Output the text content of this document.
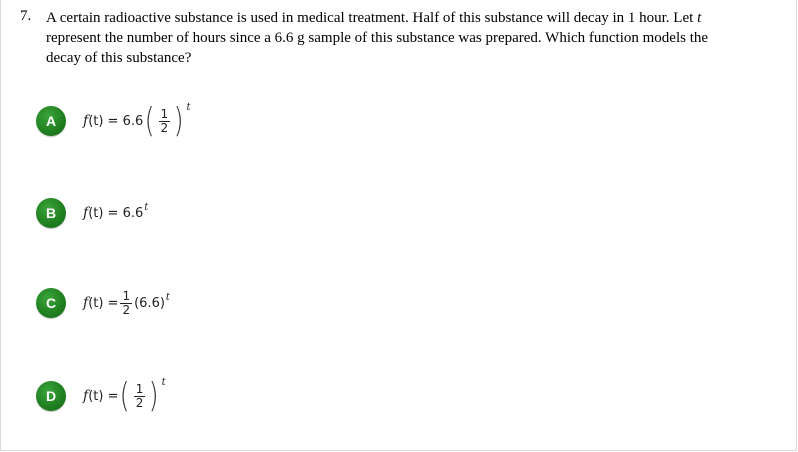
7. A certain radioactive substance is used in medical treatment. Half of this substance will decay in 1 hour. Let t represent the number of hours since a 6.6 g sample of this substance was prepared. Which function models the decay of this substance?
A	f (t) = 6.6 ( $\frac{1}{2}$ ) t
B	f (t) = 6.6 t
C	f $(t) = \frac{1}{2} (6.6)$ t
D	f (t) = ( $\frac{1}{2}$ ) t
